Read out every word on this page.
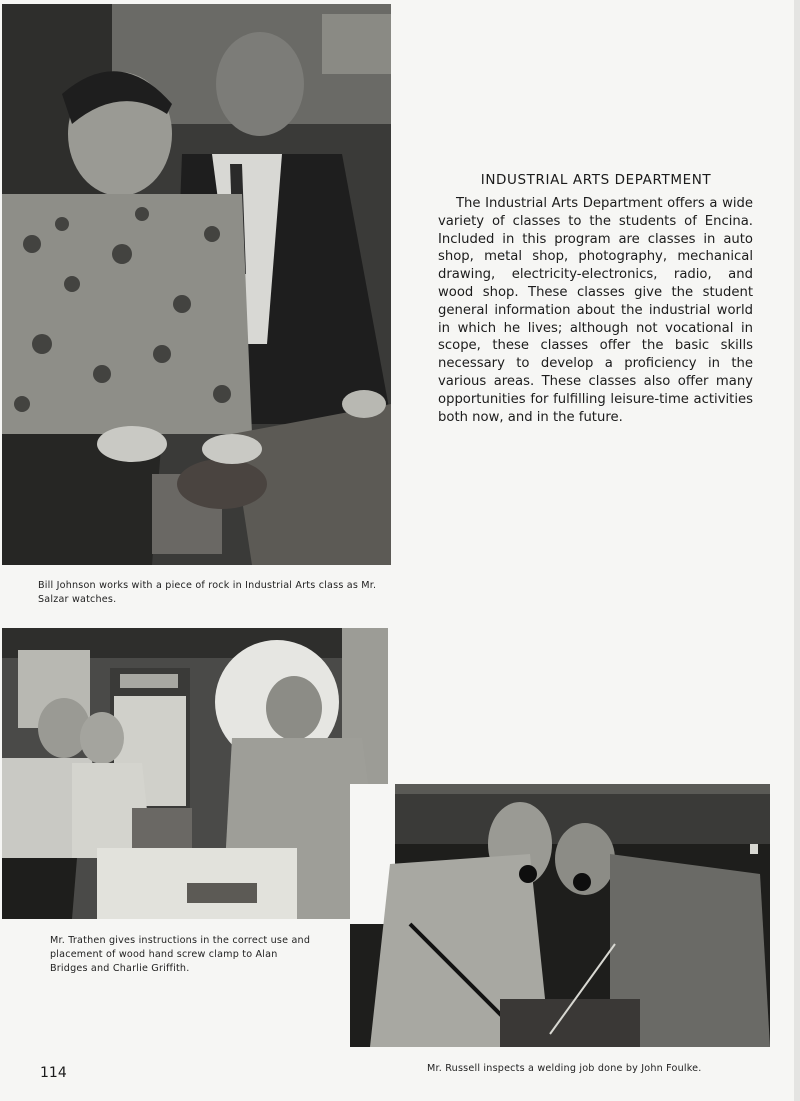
Bill Johnson works with a piece of rock in Industrial Arts class as Mr. Salzar watches.
Mr. Trathen gives instructions in the correct use and placement of wood hand screw clamp to Alan Bridges and Charlie Griffith.
Mr. Russell inspects a welding job done by John Foulke.
INDUSTRIAL ARTS DEPARTMENT
The Industrial Arts Department offers a wide variety of classes to the students of Encina. Included in this program are classes in auto shop, metal shop, photography, mechanical drawing, electricity-electronics, radio, and wood shop. These classes give the student general information about the industrial world in which he lives; although not vocational in scope, these classes offer the basic skills necessary to develop a proficiency in the various areas. These classes also offer many opportunities for fulfilling leisure-time activities both now, and in the future.
114
